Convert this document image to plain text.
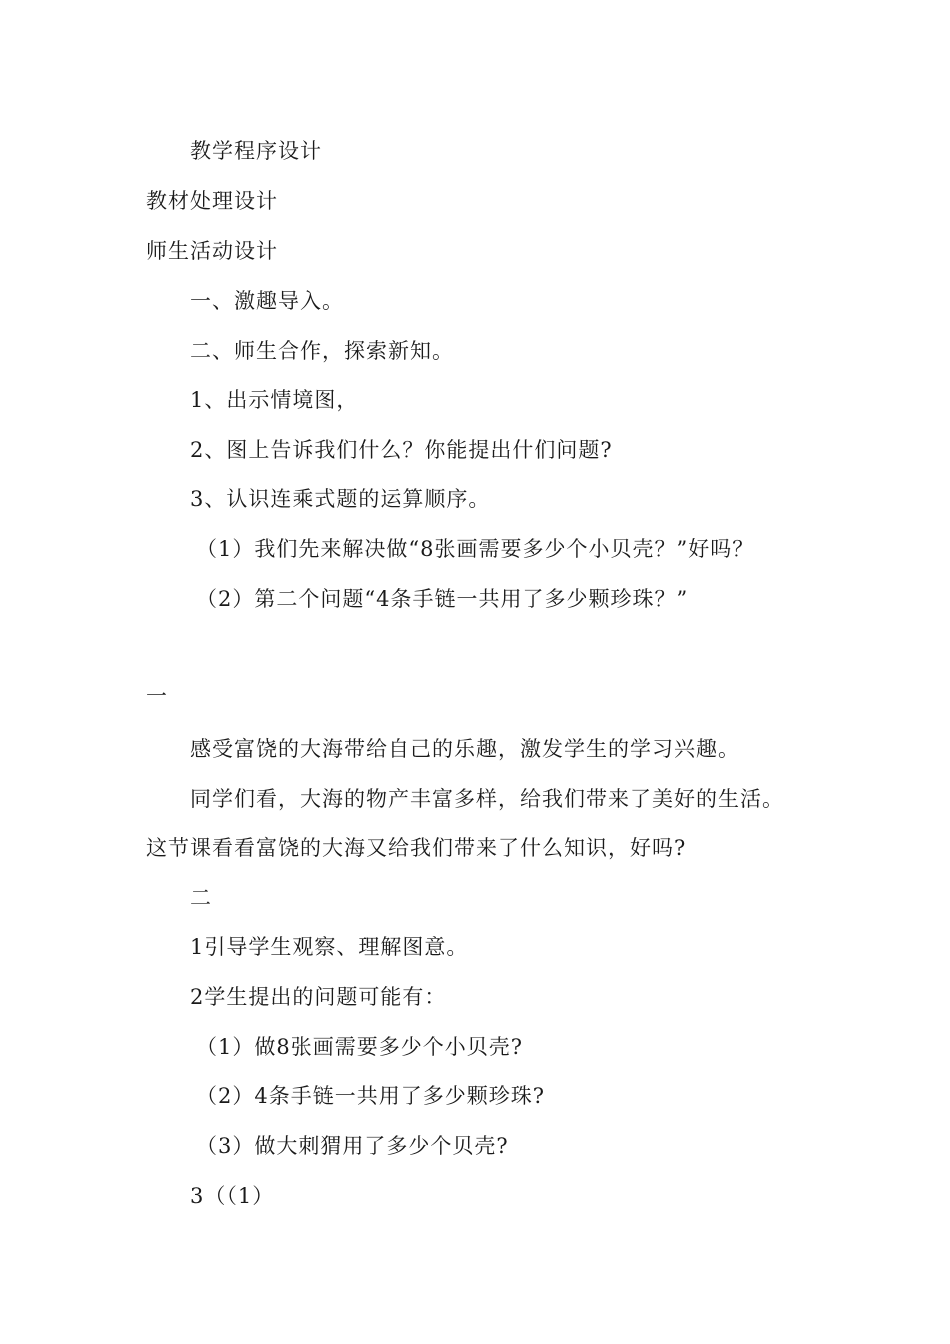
教学程序设计
教材处理设计
师生活动设计
一、激趣导入。
二、师生合作，探索新知。
1、出示情境图，
2、图上告诉我们什么？你能提出什们问题?
3、认识连乘式题的运算顺序。
（1）我们先来解决做“8张画需要多少个小贝壳？”好吗？
（2）第二个问题“4条手链一共用了多少颗珍珠？”
一
感受富饶的大海带给自己的乐趣，激发学生的学习兴趣。
同学们看，大海的物产丰富多样，给我们带来了美好的生活。
这节课看看富饶的大海又给我们带来了什么知识，好吗?
二
1引导学生观察、理解图意。
2学生提出的问题可能有：
（1）做8张画需要多少个小贝壳?
（2）4条手链一共用了多少颗珍珠?
（3）做大刺猬用了多少个贝壳?
3（（1）
